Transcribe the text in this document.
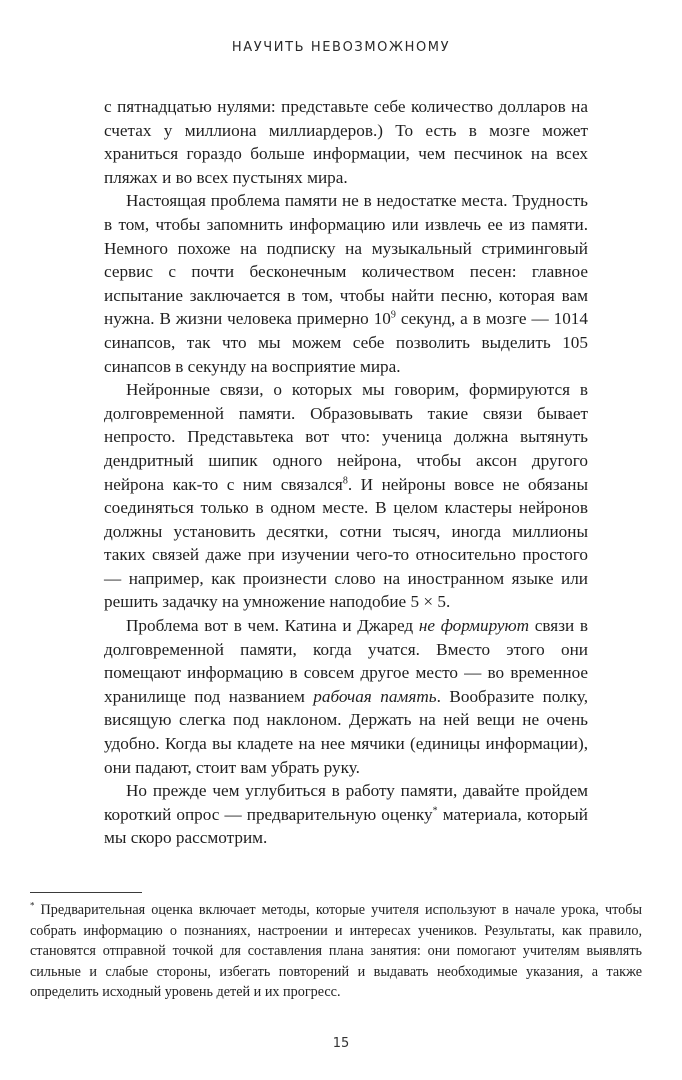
НАУЧИТЬ НЕВОЗМОЖНОМУ

с пятнадцатью нулями: представьте себе количество долларов на счетах у миллиона миллиардеров.) То есть в мозге может храниться гораздо больше информации, чем песчинок на всех пляжах и во всех пустынях мира.

Настоящая проблема памяти не в недостатке места. Трудность в том, чтобы запомнить информацию или извлечь ее из памяти. Немного похоже на подписку на музыкальный стриминговый сервис с почти бесконечным количеством песен: главное испытание заключается в том, чтобы найти песню, которая вам нужна. В жизни человека примерно $10^9$ секунд, а в мозге — 1014 синапсов, так что мы можем себе позволить выделить 105 синапсов в секунду на восприятие мира.

Нейронные связи, о которых мы говорим, формируются в долговременной памяти. Образовывать такие связи бывает непросто. Представьтека вот что: ученица должна вытянуть дендритный шипик одного нейрона, чтобы аксон другого нейрона как-то с ним связался$^8$. И нейроны вовсе не обязаны соединяться только в одном месте. В целом кластеры нейронов должны установить десятки, сотни тысяч, иногда миллионы таких связей даже при изучении чего-то относительно простого — например, как произнести слово на иностранном языке или решить задачку на умножение наподобие 5 × 5.

Проблема вот в чем. Катина и Джаред не формируют связи в долговременной памяти, когда учатся. Вместо этого они помещают информацию в совсем другое место — во временное хранилище под названием рабочая память. Вообразите полку, висящую слегка под наклоном. Держать на ней вещи не очень удобно. Когда вы кладете на нее мячики (единицы информации), они падают, стоит вам убрать руку.

Но прежде чем углубиться в работу памяти, давайте пройдем короткий опрос — предварительную оценку* материала, который мы скоро рассмотрим.

* Предварительная оценка включает методы, которые учителя используют в начале урока, чтобы собрать информацию о познаниях, настроении и интересах учеников. Результаты, как правило, становятся отправной точкой для составления плана занятия: они помогают учителям выявлять сильные и слабые стороны, избегать повторений и выдавать необходимые указания, а также определить исходный уровень детей и их прогресс.
15
